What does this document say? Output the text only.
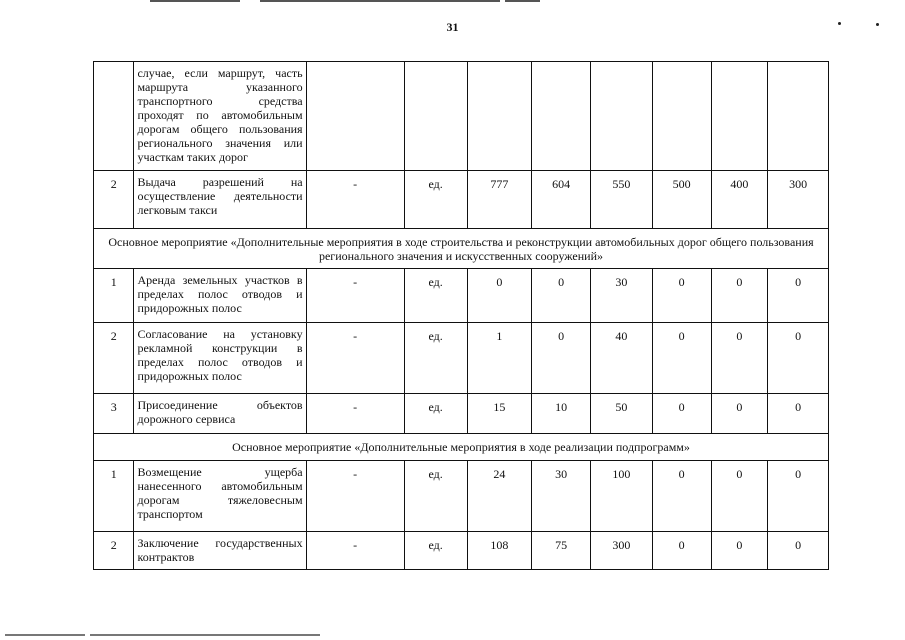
31
	случае, если маршрут, часть маршрута указанного транспортного средства проходят по автомобильным дорогам общего пользования регионального значения или участкам таких дорог								
2	Выдача разрешений на осуществление деятельности легковым такси	-	ед.	777	604	550	500	400	300
Основное мероприятие «Дополнительные мероприятия в ходе строительства и реконструкции автомобильных дорог общего пользования регионального значения и искусственных сооружений»									
1	Аренда земельных участков в пределах полос отводов и придорожных полос	-	ед.	0	0	30	0	0	0
2	Согласование на установку рекламной конструкции в пределах полос отводов и придорожных полос	-	ед.	1	0	40	0	0	0
3	Присоединение объектов дорожного сервиса	-	ед.	15	10	50	0	0	0
Основное мероприятие «Дополнительные мероприятия в ходе реализации подпрограмм»									
1	Возмещение ущерба нанесенного автомобильным дорогам тяжеловесным транспортом	-	ед.	24	30	100	0	0	0
2	Заключение государственных контрактов	-	ед.	108	75	300	0	0	0
